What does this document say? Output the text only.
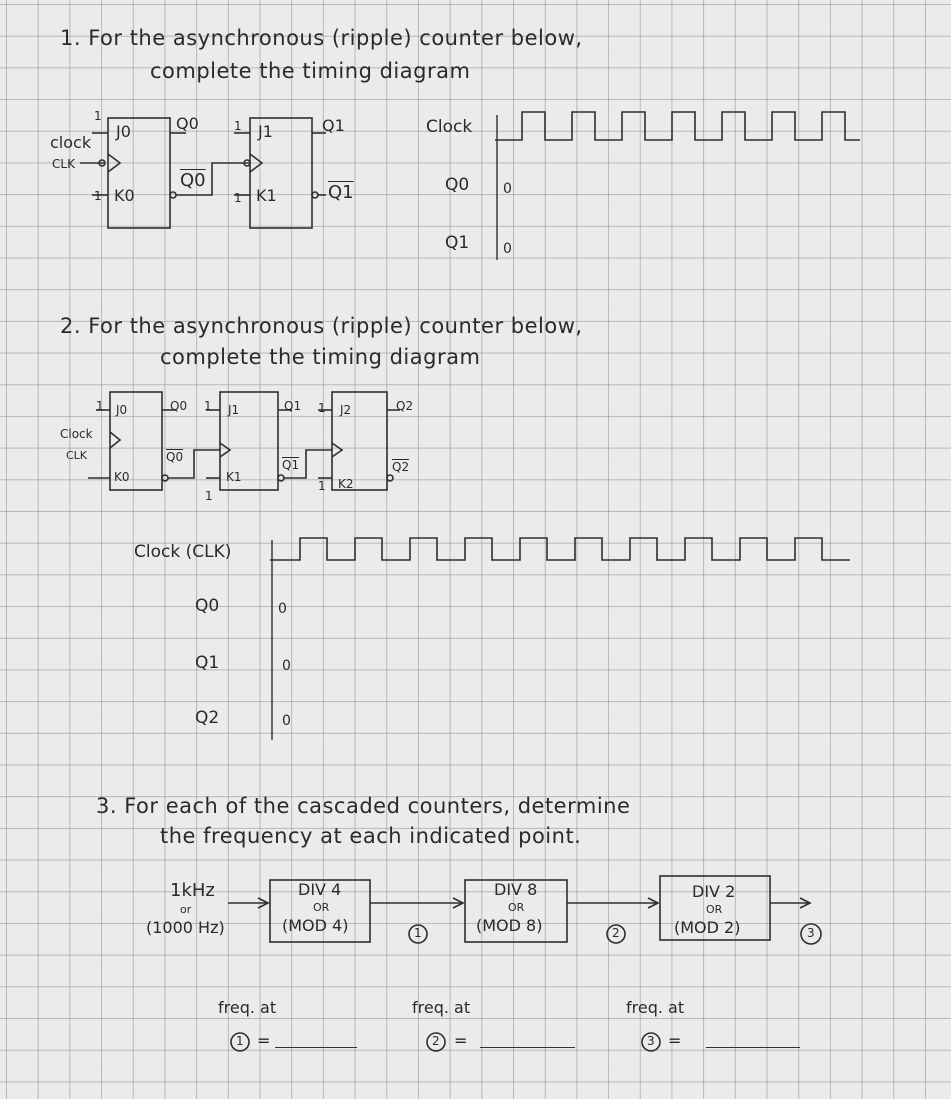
1. For the asynchronous (ripple) counter below,
complete the timing diagram
1
J0	Q0
clock
CLK
1 K0
Q0
1 J1	Q1
1 K1	Q1
Clock
Q0 0
Q1 0
2. For the asynchronous (ripple) counter below,
complete the timing diagram
1 J0	Q0
Clock
CLK
K0
Q0
1 J1	Q1
K1
1
Q1
1 J2	Q2
1 K2
Q2
Clock (CLK)
Q0	0
Q1	0
Q2	0
3. For each of the cascaded counters, determine
the frequency at each indicated point.
1kHz
or
(1000 Hz)
DIV 4
OR
(MOD 4)	1
DIV 8
OR
(MOD 8)	2
DIV 2
OR
(MOD 2)	3
freq. at
1 =
freq. at
2 =
freq. at
3 =
